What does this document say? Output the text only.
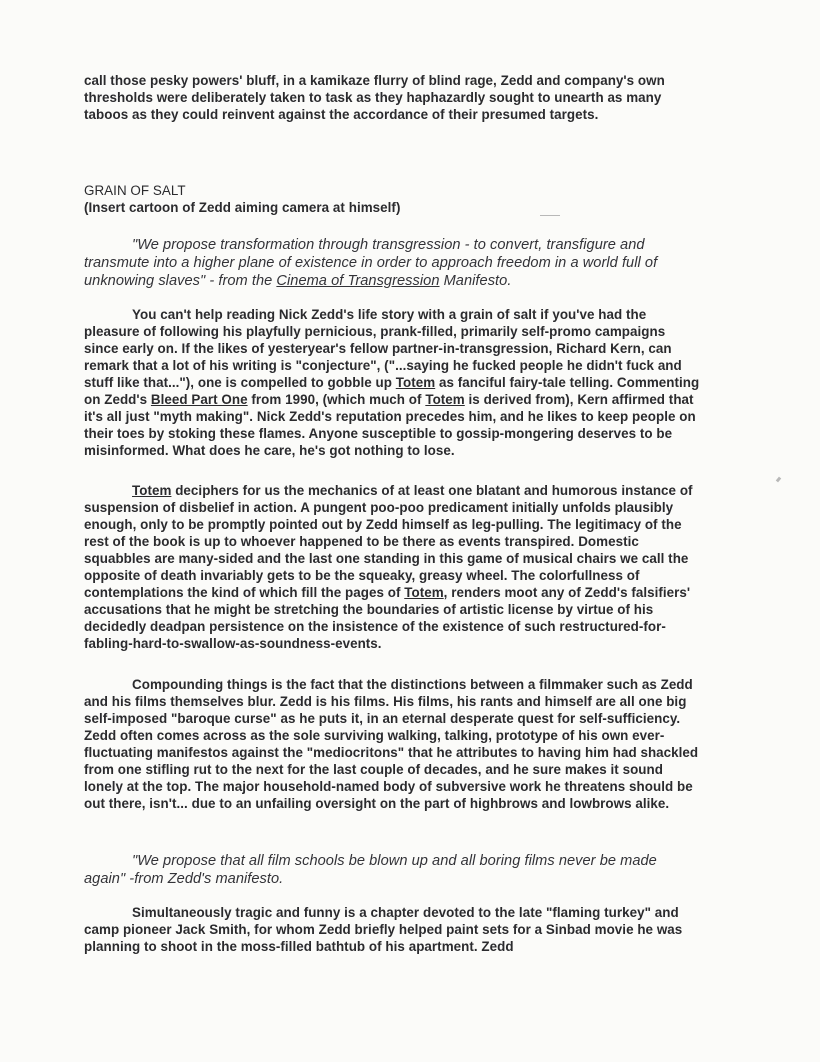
call those pesky powers' bluff, in a kamikaze flurry of blind rage, Zedd and company's own thresholds were deliberately taken to task as they haphazardly sought to unearth as many taboos as they could reinvent against the accordance of their presumed targets.

GRAIN OF SALT

(Insert cartoon of Zedd aiming camera at himself)

"We propose transformation through transgression - to convert, transfigure and transmute into a higher plane of existence in order to approach freedom in a world full of unknowing slaves" - from the Cinema of Transgression Manifesto.

You can't help reading Nick Zedd's life story with a grain of salt if you've had the pleasure of following his playfully pernicious, prank-filled, primarily self-promo campaigns since early on. If the likes of yesteryear's fellow partner-in-transgression, Richard Kern, can remark that a lot of his writing is "conjecture", ("...saying he fucked people he didn't fuck and stuff like that..."), one is compelled to gobble up Totem as fanciful fairy-tale telling. Commenting on Zedd's Bleed Part One from 1990, (which much of Totem is derived from), Kern affirmed that it's all just "myth making". Nick Zedd's reputation precedes him, and he likes to keep people on their toes by stoking these flames. Anyone susceptible to gossip-mongering deserves to be misinformed. What does he care, he's got nothing to lose.

Totem deciphers for us the mechanics of at least one blatant and humorous instance of suspension of disbelief in action. A pungent poo-poo predicament initially unfolds plausibly enough, only to be promptly pointed out by Zedd himself as leg-pulling. The legitimacy of the rest of the book is up to whoever happened to be there as events transpired. Domestic squabbles are many-sided and the last one standing in this game of musical chairs we call the opposite of death invariably gets to be the squeaky, greasy wheel. The colorfullness of contemplations the kind of which fill the pages of Totem, renders moot any of Zedd's falsifiers' accusations that he might be stretching the boundaries of artistic license by virtue of his decidedly deadpan persistence on the insistence of the existence of such restructured-for-fabling-hard-to-swallow-as-soundness-events.

Compounding things is the fact that the distinctions between a filmmaker such as Zedd and his films themselves blur. Zedd is his films. His films, his rants and himself are all one big self-imposed "baroque curse" as he puts it, in an eternal desperate quest for self-sufficiency. Zedd often comes across as the sole surviving walking, talking, prototype of his own ever-fluctuating manifestos against the "mediocritons" that he attributes to having him had shackled from one stifling rut to the next for the last couple of decades, and he sure makes it sound lonely at the top. The major household-named body of subversive work he threatens should be out there, isn't... due to an unfailing oversight on the part of highbrows and lowbrows alike.

"We propose that all film schools be blown up and all boring films never be made again" -from Zedd's manifesto.

Simultaneously tragic and funny is a chapter devoted to the late "flaming turkey" and camp pioneer Jack Smith, for whom Zedd briefly helped paint sets for a Sinbad movie he was planning to shoot in the moss-filled bathtub of his apartment. Zedd
